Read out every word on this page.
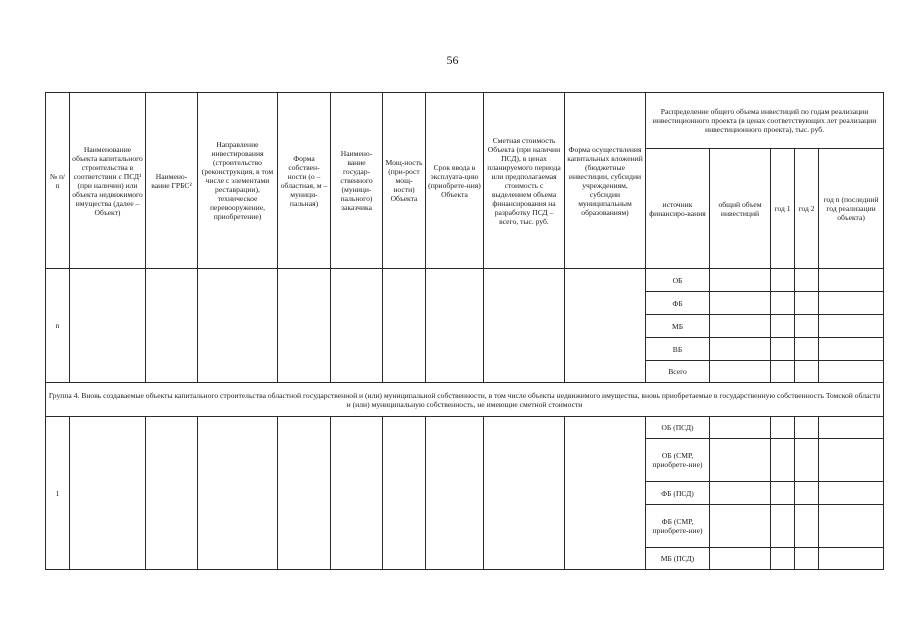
56
№ п/п	Наименование объекта капитального строительства в соответствии с ПСД¹ (при наличии) или объекта недвижимого имущества (далее – Объект)	Наимено-вание ГРБС²	Направление инвестирования (строительство (реконструкция, в том числе с элементами реставрации), техническое перевооружение, приобретение)	Форма собствен-ности (о – областная, м – муници-пальная)	Наимено-вание государ-ственного (муници-пального) заказчика	Мощ-ность (при-рост мощ-ности) Объекта	Срок ввода в эксплуата-цию (приобрете-ния) Объекта	Сметная стоимость Объекта (при наличии ПСД), в ценах планируемого периода или предполагаемая стоимость с выделением объема финансирования на разработку ПСД – всего, тыс. руб.	Форма осуществления капитальных вложений (бюджетные инвестиции, субсидии учреждениям, субсидии муниципальным образованиям)	Распределение общего объема инвестиций по годам реализации инвестиционного проекта (в ценах соответствующих лет реализации инвестиционного проекта), тыс. руб.				
										источник финансиро-вания	общий объем инвестиций	год 1	год 2	год n (последний год реализации объекта)
n										ОБ				
										ФБ				
										МБ				
										ВБ				
										Всего				
Группа 4. Вновь создаваемые объекты капитального строительства областной государственной и (или) муниципальной собственности, в том числе объекты недвижимого имущества, вновь приобретаемые в государственную собственность Томской области и (или) муниципальную собственность, не имеющие сметной стоимости														
1										ОБ (ПСД)				
										ОБ (СМР, приобрете-ние)				
										ФБ (ПСД)				
										ФБ (СМР, приобрете-ние)				
										МБ (ПСД)				
